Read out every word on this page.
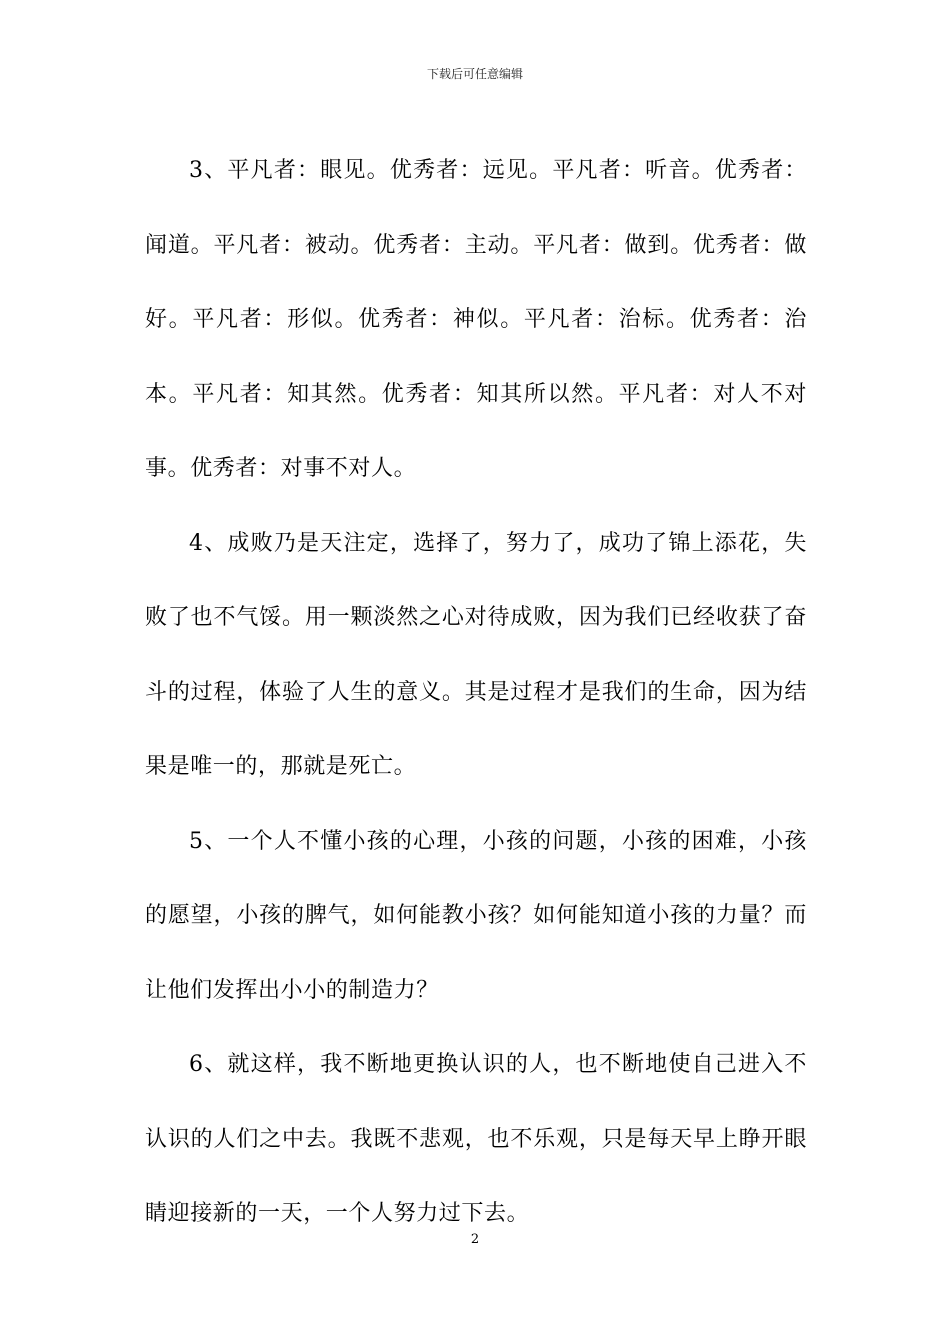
下载后可任意编辑

3、平凡者：眼见。优秀者：远见。平凡者：听音。优秀者：闻道。平凡者：被动。优秀者：主动。平凡者：做到。优秀者：做好。平凡者：形似。优秀者：神似。平凡者：治标。优秀者：治本。平凡者：知其然。优秀者：知其所以然。平凡者：对人不对事。优秀者：对事不对人。

4、成败乃是天注定，选择了，努力了，成功了锦上添花，失败了也不气馁。用一颗淡然之心对待成败，因为我们已经收获了奋斗的过程，体验了人生的意义。其是过程才是我们的生命，因为结果是唯一的，那就是死亡。

5、一个人不懂小孩的心理，小孩的问题，小孩的困难，小孩的愿望，小孩的脾气，如何能教小孩？如何能知道小孩的力量？而让他们发挥出小小的制造力？

6、就这样，我不断地更换认识的人，也不断地使自己进入不认识的人们之中去。我既不悲观，也不乐观，只是每天早上睁开眼睛迎接新的一天，一个人努力过下去。

2
